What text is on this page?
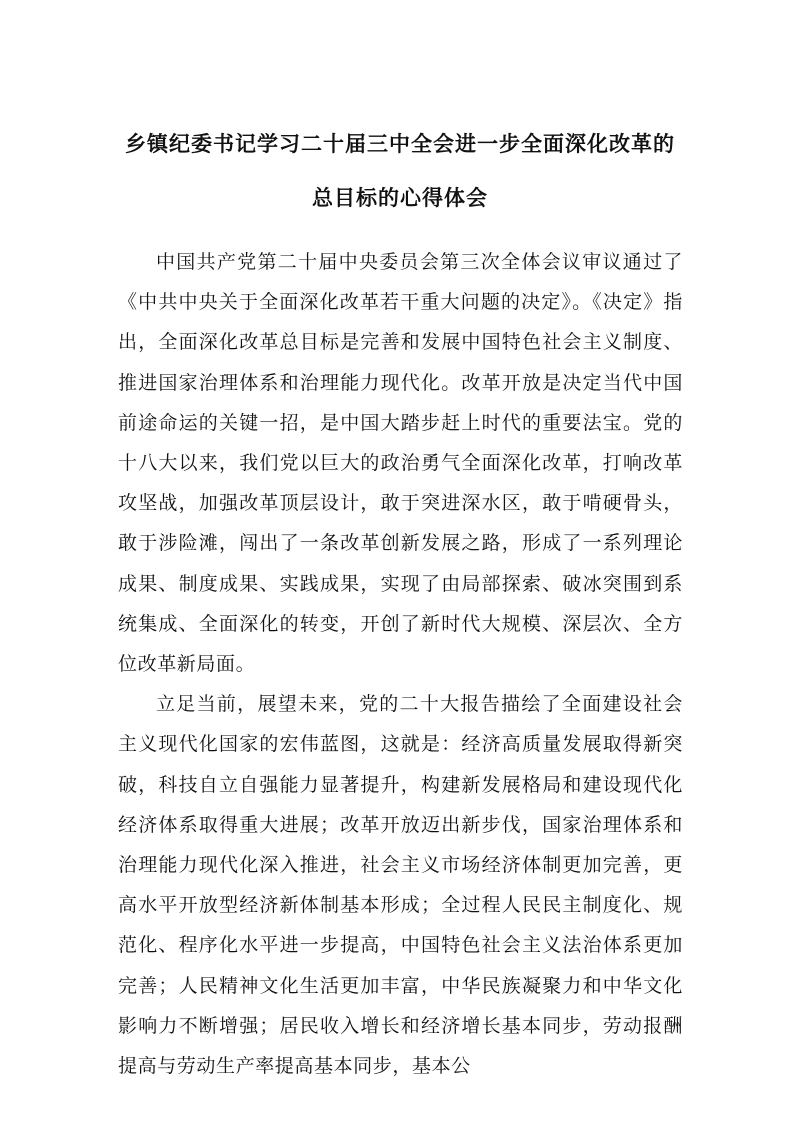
乡镇纪委书记学习二十届三中全会进一步全面深化改革的
总目标的心得体会

中国共产党第二十届中央委员会第三次全体会议审议通过了《中共中央关于全面深化改革若干重大问题的决定》。《决定》指出，全面深化改革总目标是完善和发展中国特色社会主义制度、推进国家治理体系和治理能力现代化。改革开放是决定当代中国前途命运的关键一招，是中国大踏步赶上时代的重要法宝。党的十八大以来，我们党以巨大的政治勇气全面深化改革，打响改革攻坚战，加强改革顶层设计，敢于突进深水区，敢于啃硬骨头，敢于涉险滩，闯出了一条改革创新发展之路，形成了一系列理论成果、制度成果、实践成果，实现了由局部探索、破冰突围到系统集成、全面深化的转变，开创了新时代大规模、深层次、全方位改革新局面。

立足当前，展望未来，党的二十大报告描绘了全面建设社会主义现代化国家的宏伟蓝图，这就是：经济高质量发展取得新突破，科技自立自强能力显著提升，构建新发展格局和建设现代化经济体系取得重大进展；改革开放迈出新步伐，国家治理体系和治理能力现代化深入推进，社会主义市场经济体制更加完善，更高水平开放型经济新体制基本形成；全过程人民民主制度化、规范化、程序化水平进一步提高，中国特色社会主义法治体系更加完善；人民精神文化生活更加丰富，中华民族凝聚力和中华文化影响力不断增强；居民收入增长和经济增长基本同步，劳动报酬提高与劳动生产率提高基本同步，基本公
